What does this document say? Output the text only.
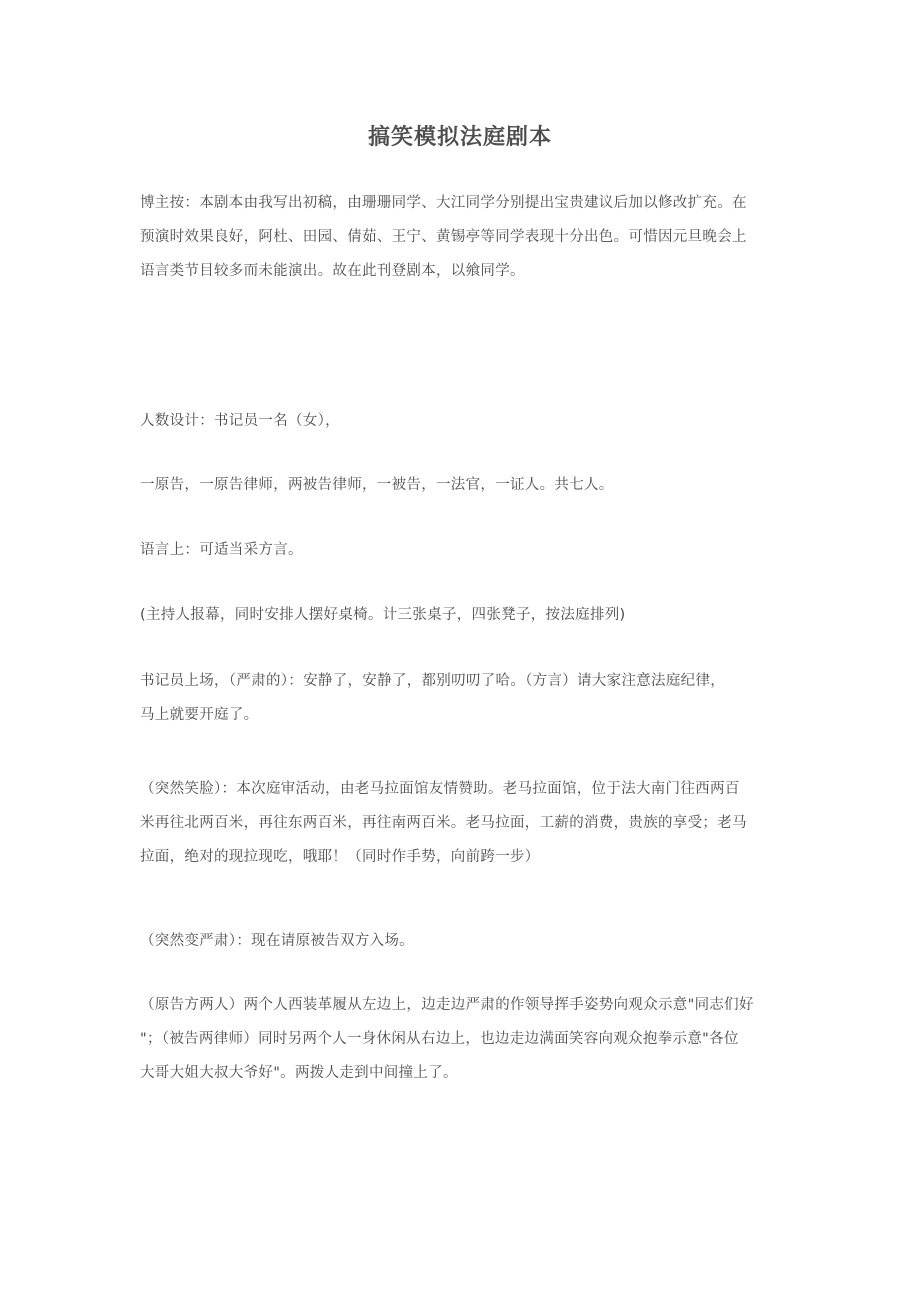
搞笑模拟法庭剧本

博主按：本剧本由我写出初稿，由珊珊同学、大江同学分别提出宝贵建议后加以修改扩充。在
预演时效果良好，阿杜、田园、倩茹、王宁、黄锡亭等同学表现十分出色。可惜因元旦晚会上
语言类节目较多而未能演出。故在此刊登剧本，以飨同学。

人数设计：书记员一名（女），

一原告，一原告律师，两被告律师，一被告，一法官，一证人。共七人。

语言上：可适当采方言。

(主持人报幕，同时安排人摆好桌椅。计三张桌子，四张凳子，按法庭排列)

书记员上场，（严肃的）：安静了，安静了，都别叨叨了哈。（方言）请大家注意法庭纪律，
马上就要开庭了。

（突然笑脸）：本次庭审活动，由老马拉面馆友情赞助。老马拉面馆，位于法大南门往西两百
米再往北两百米，再往东两百米，再往南两百米。老马拉面，工薪的消费，贵族的享受；老马
拉面，绝对的现拉现吃，哦耶！（同时作手势，向前跨一步）

（突然变严肃）：现在请原被告双方入场。

（原告方两人）两个人西装革履从左边上，边走边严肃的作领导挥手姿势向观众示意"同志们好
"；（被告两律师）同时另两个人一身休闲从右边上，也边走边满面笑容向观众抱拳示意"各位
大哥大姐大叔大爷好"。两拨人走到中间撞上了。
